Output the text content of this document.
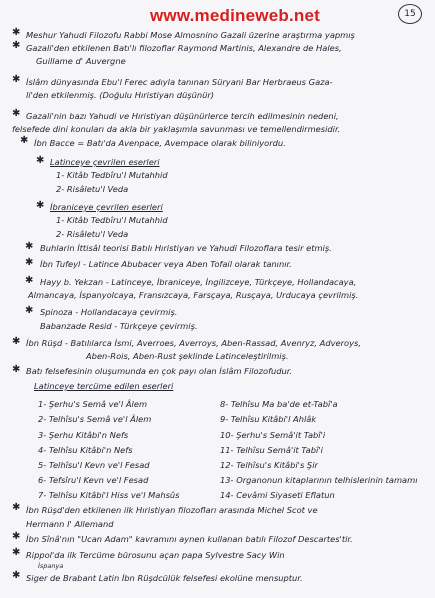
www.medineweb.net	15
✱
✱
✱
✱
✱
✱
✱
✱
✱
✱
✱
✱
✱
✱
✱
✱
✱
Meshur Yahudi Filozofu Rabbi Mose Almosnino Gazali üzerine araştırma yapmış
Gazali'den etkilenen Batı'lı filozoflar Raymond Martinis, Alexandre de Hales,
Guillame d' Auvergne
İslâm dünyasında Ebu'l Ferec adıyla tanınan Süryani Bar Herbraeus Gaza-
li'den etkilenmiş. (Doğulu Hıristiyan düşünür)
Gazali'nin bazı Yahudi ve Hıristiyan düşünürlerce tercih edilmesinin nedeni,
felsefede dini konuları da akla bir yaklaşımla savunması ve temellendirmesidir.
İbn Bacce = Batı'da Avenpace, Avempace olarak biliniyordu.
Latinceye çevrilen eserleri
1- Kitâb Tedbîru'l Mutahhid
2- Risâletu'l Veda
İbraniceye çevrilen eserleri
1- Kitâb Tedbîru'l Mutahhid
2- Risâletu'l Veda
Buhlarin İttisâl teorisi Batılı Hıristiyan ve Yahudi Filozoflara tesir etmiş.
İbn Tufeyl - Latince Abubacer veya Aben Tofail olarak tanınır.
Hayy b. Yekzan - Latinceye, İbraniceye, İngilizceye, Türkçeye, Hollandacaya,
Almancaya, İspanyolcaya, Fransızcaya, Farsçaya, Rusçaya, Urducaya çevrilmiş.
Spinoza - Hollandacaya çevirmiş.
Babanzade Resid - Türkçeye çevirmiş.
İbn Rüşd - Batılılarca İsmi, Averroes, Averroys, Aben-Rassad, Avenryz, Adveroys,
Aben-Rois, Aben-Rust şeklinde Latinceleştirilmiş.
Batı felsefesinin oluşumunda en çok payı olan İslâm Filozofudur.
Latinceye tercüme edilen eserleri
1- Şerhu's Semâ ve'l Âlem
2- Telhîsu's Semâ ve'l Âlem
3- Şerhu Kitâbi'n Nefs
4- Telhîsu Kitâbi'n Nefs
5- Telhîsu'l Kevn ve'l Fesad
6- Tefsîru'l Kevn ve'l Fesad
7- Telhîsu Kitâbi'l Hiss ve'l Mahsûs
8- Telhîsu Ma ba'de et-Tabî'a
9- Telhîsu Kitâbi'l Ahlâk
10- Şerhu's Semâ'it Tabî'i
11- Telhîsu Semâ'it Tabî'i
12- Telhîsu's Kitâbi's Şir
13- Organonun kitaplarının telhislerinin tamamı
14- Cevâmi Siyaseti Eflatun
İbn Rüşd'den etkilenen ilk Hıristiyan filozofları arasında Michel Scot ve
Hermann I' Allemand
İbn Sînâ'nın "Ucan Adam" kavramını aynen kullanan batılı Filozof Descartes'tir.
Rippol'da ilk Tercüme bürosunu açan papa Sylvestre Sacy Win
İspanya
Siger de Brabant Latin İbn Rüşdcülük felsefesi ekolüne mensuptur.
